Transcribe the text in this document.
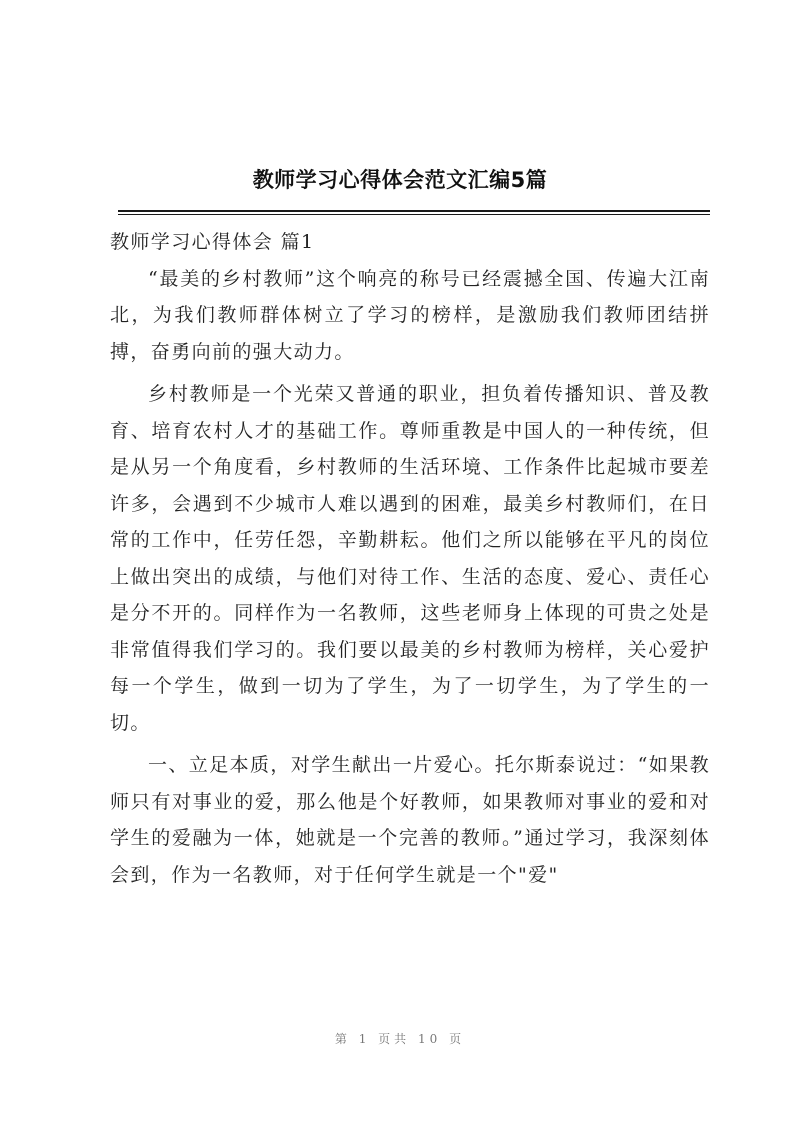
教师学习心得体会范文汇编5篇
教师学习心得体会 篇1

“最美的乡村教师”这个响亮的称号已经震撼全国、传遍大江南北，为我们教师群体树立了学习的榜样，是激励我们教师团结拼搏，奋勇向前的强大动力。

乡村教师是一个光荣又普通的职业，担负着传播知识、普及教育、培育农村人才的基础工作。尊师重教是中国人的一种传统，但是从另一个角度看，乡村教师的生活环境、工作条件比起城市要差许多，会遇到不少城市人难以遇到的困难，最美乡村教师们，在日常的工作中，任劳任怨，辛勤耕耘。他们之所以能够在平凡的岗位上做出突出的成绩，与他们对待工作、生活的态度、爱心、责任心是分不开的。同样作为一名教师，这些老师身上体现的可贵之处是非常值得我们学习的。我们要以最美的乡村教师为榜样，关心爱护每一个学生，做到一切为了学生，为了一切学生，为了学生的一切。

一、立足本质，对学生献出一片爱心。托尔斯泰说过：“如果教师只有对事业的爱，那么他是个好教师，如果教师对事业的爱和对学生的爱融为一体，她就是一个完善的教师。”通过学习，我深刻体会到，作为一名教师，对于任何学生就是一个"爱"

第 1 页共 10 页
